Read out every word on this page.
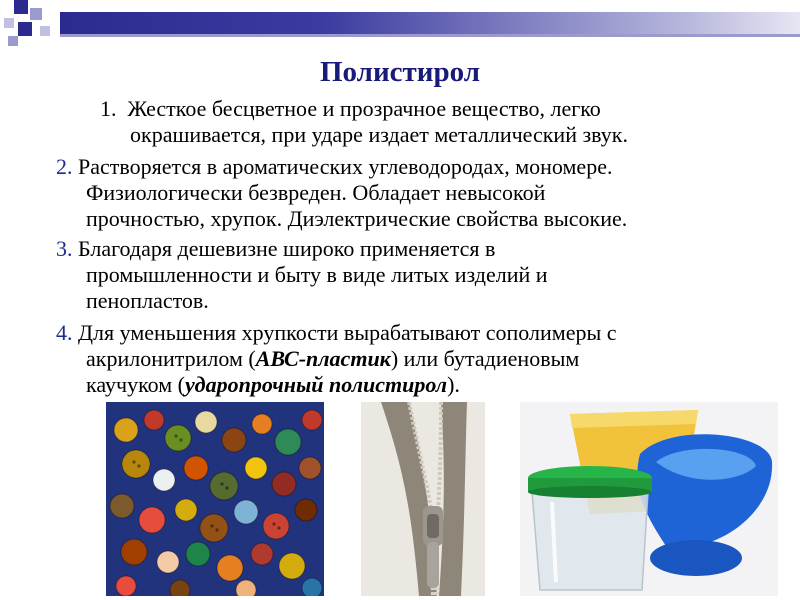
Полистирол
1. Жесткое бесцветное и прозрачное вещество, легко
окрашивается, при ударе издает металлический звук.
2. Растворяется в ароматических углеводородах, мономере.
Физиологически безвреден. Обладает невысокой
прочностью, хрупок. Диэлектрические свойства высокие.
3. Благодаря дешевизне широко применяется в
промышленности и быту в виде литых изделий и
пенопластов.
4. Для уменьшения хрупкости вырабатывают сополимеры с
акрилонитрилом (АВС-пластик) или бутадиеновым
каучуком (ударопрочный полистирол).
